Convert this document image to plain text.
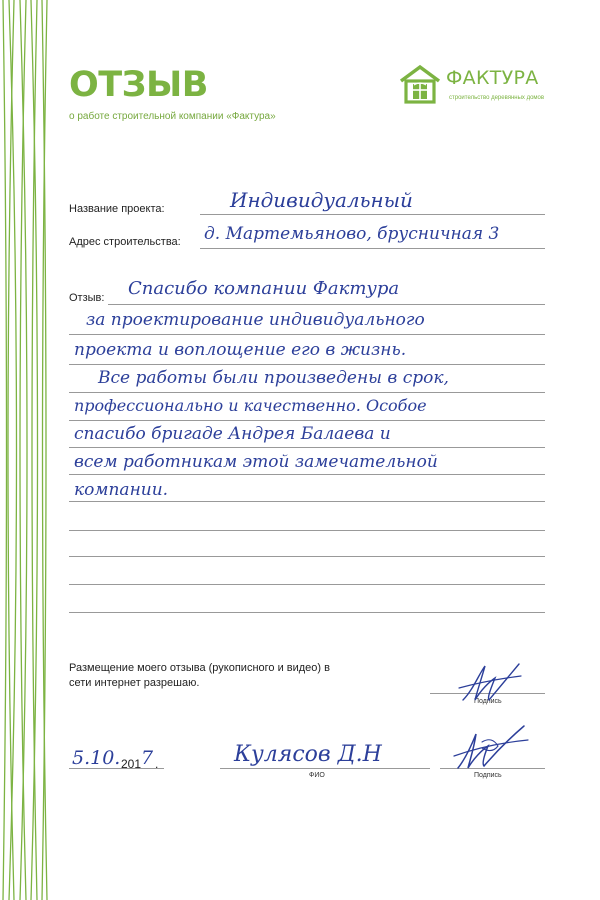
ОТЗЫВ
о работе строительной компании «Фактура»
ФАКТУРА
строительство деревянных домов
Название проекта:	Индивидуальный
Адрес строительства: д. Мартемьяново, брусничная 3
Отзыв: Спасибо компании Фактура
за проектирование индивидуального
проекта и воплощение его в жизнь.
Все работы были произведены в срок,
профессионально и качественно. Особое
спасибо бригаде Андрея Балаева и
всем работникам этой замечательной
компании.
Размещение моего отзыва (рукописного и видео) в
сети интернет разрешаю.
Подпись
5.10. 201 7 .	Кулясов Д.Н
ФИО	Подпись
